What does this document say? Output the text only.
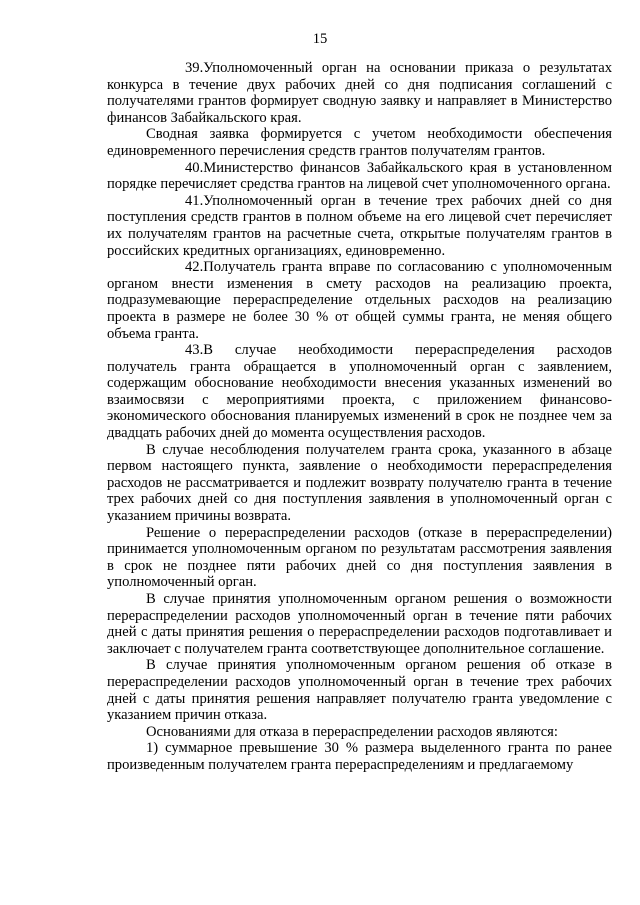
15

39.Уполномоченный орган на основании приказа о результатах конкурса в течение двух рабочих дней со дня подписания соглашений с получателями грантов формирует сводную заявку и направляет в Министерство финансов Забайкальского края.

Сводная заявка формируется с учетом необходимости обеспечения единовременного перечисления средств грантов получателям грантов.

40.Министерство финансов Забайкальского края в установленном порядке перечисляет средства грантов на лицевой счет уполномоченного органа.

41.Уполномоченный орган в течение трех рабочих дней со дня поступления средств грантов в полном объеме на его лицевой счет перечисляет их получателям грантов на расчетные счета, открытые получателям грантов в российских кредитных организациях, единовременно.

42.Получатель гранта вправе по согласованию с уполномоченным органом внести изменения в смету расходов на реализацию проекта, подразумевающие перераспределение отдельных расходов на реализацию проекта в размере не более 30 % от общей суммы гранта, не меняя общего объема гранта.

43.В случае необходимости перераспределения расходов получатель гранта обращается в уполномоченный орган с заявлением, содержащим обоснование необходимости внесения указанных изменений во взаимосвязи с мероприятиями проекта, с приложением финансово-экономического обоснования планируемых изменений в срок не позднее чем за двадцать рабочих дней до момента осуществления расходов.

В случае несоблюдения получателем гранта срока, указанного в абзаце первом настоящего пункта, заявление о необходимости перераспределения расходов не рассматривается и подлежит возврату получателю гранта в течение трех рабочих дней со дня поступления заявления в уполномоченный орган с указанием причины возврата.

Решение о перераспределении расходов (отказе в перераспределении) принимается уполномоченным органом по результатам рассмотрения заявления в срок не позднее пяти рабочих дней со дня поступления заявления в уполномоченный орган.

В случае принятия уполномоченным органом решения о возможности перераспределении расходов уполномоченный орган в течение пяти рабочих дней с даты принятия решения о перераспределении расходов подготавливает и заключает с получателем гранта соответствующее дополнительное соглашение.

В случае принятия уполномоченным органом решения об отказе в перераспределении расходов уполномоченный орган в течение трех рабочих дней с даты принятия решения направляет получателю гранта уведомление с указанием причин отказа.

Основаниями для отказа в перераспределении расходов являются:

1) суммарное превышение 30 % размера выделенного гранта по ранее произведенным получателем гранта перераспределениям и предлагаемому
